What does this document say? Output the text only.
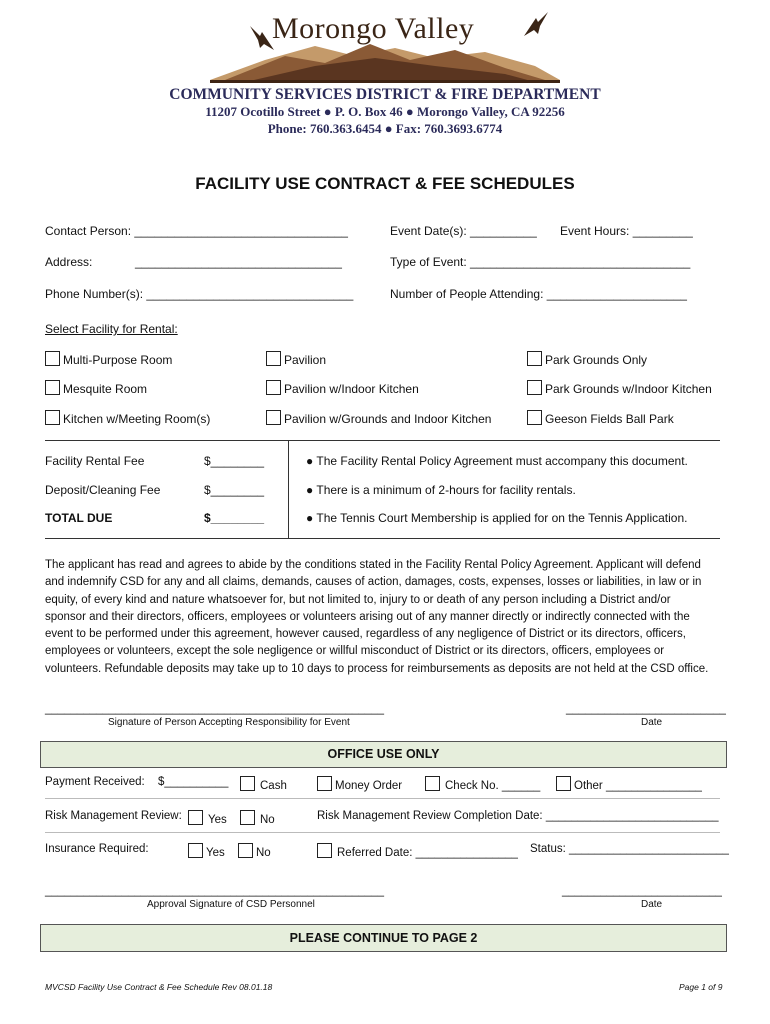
Morongo Valley
COMMUNITY SERVICES DISTRICT & FIRE DEPARTMENT
11207 Ocotillo Street ● P. O. Box 46 ● Morongo Valley, CA 92256
Phone: 760.363.6454 ● Fax: 760.3693.6774
FACILITY USE CONTRACT & FEE SCHEDULES
Contact Person: ________________________________	Event Date(s): __________ Event Hours: _________
Address:	_______________________________	Type of Event: _________________________________
Phone Number(s): _______________________________	Number of People Attending: _____________________
Select Facility for Rental:
Multi-Purpose Room	Pavilion	Park Grounds Only
Mesquite Room	Pavilion w/Indoor Kitchen	Park Grounds w/Indoor Kitchen
Kitchen w/Meeting Room(s)	Pavilion w/Grounds and Indoor Kitchen	Geeson Fields Ball Park
Facility Rental Fee	$________	● The Facility Rental Policy Agreement must accompany this document.
Deposit/Cleaning Fee	$________	● There is a minimum of 2-hours for facility rentals.
TOTAL DUE	$________	● The Tennis Court Membership is applied for on the Tennis Application.
The applicant has read and agrees to abide by the conditions stated in the Facility Rental Policy Agreement. Applicant will defend
and indemnify CSD for any and all claims, demands, causes of action, damages, costs, expenses, losses or liabilities, in law or in
equity, of every kind and nature whatsoever for, but not limited to, injury to or death of any person including a District and/or
sponsor and their directors, officers, employees or volunteers arising out of any manner directly or indirectly connected with the
event to be performed under this agreement, however caused, regardless of any negligence of District or its directors, officers,
employees or volunteers, except the sole negligence or willful misconduct of District or its directors, officers, employees or
volunteers. Refundable deposits may take up to 10 days to process for reimbursements as deposits are not held at the CSD office.
_____________________________________________________
Signature of Person Accepting Responsibility for Event
_________________________
Date
OFFICE USE ONLY
Payment Received: $__________	Cash	Money Order	Check No. ______	Other _______________
Risk Management Review:	Yes	No	Risk Management Review Completion Date: ___________________________
Insurance Required:	Yes	No	Referred Date: ________________ Status: _________________________
_____________________________________________________
Approval Signature of CSD Personnel
_________________________
Date
PLEASE CONTINUE TO PAGE 2
MVCSD Facility Use Contract & Fee Schedule Rev 08.01.18	Page 1 of 9
